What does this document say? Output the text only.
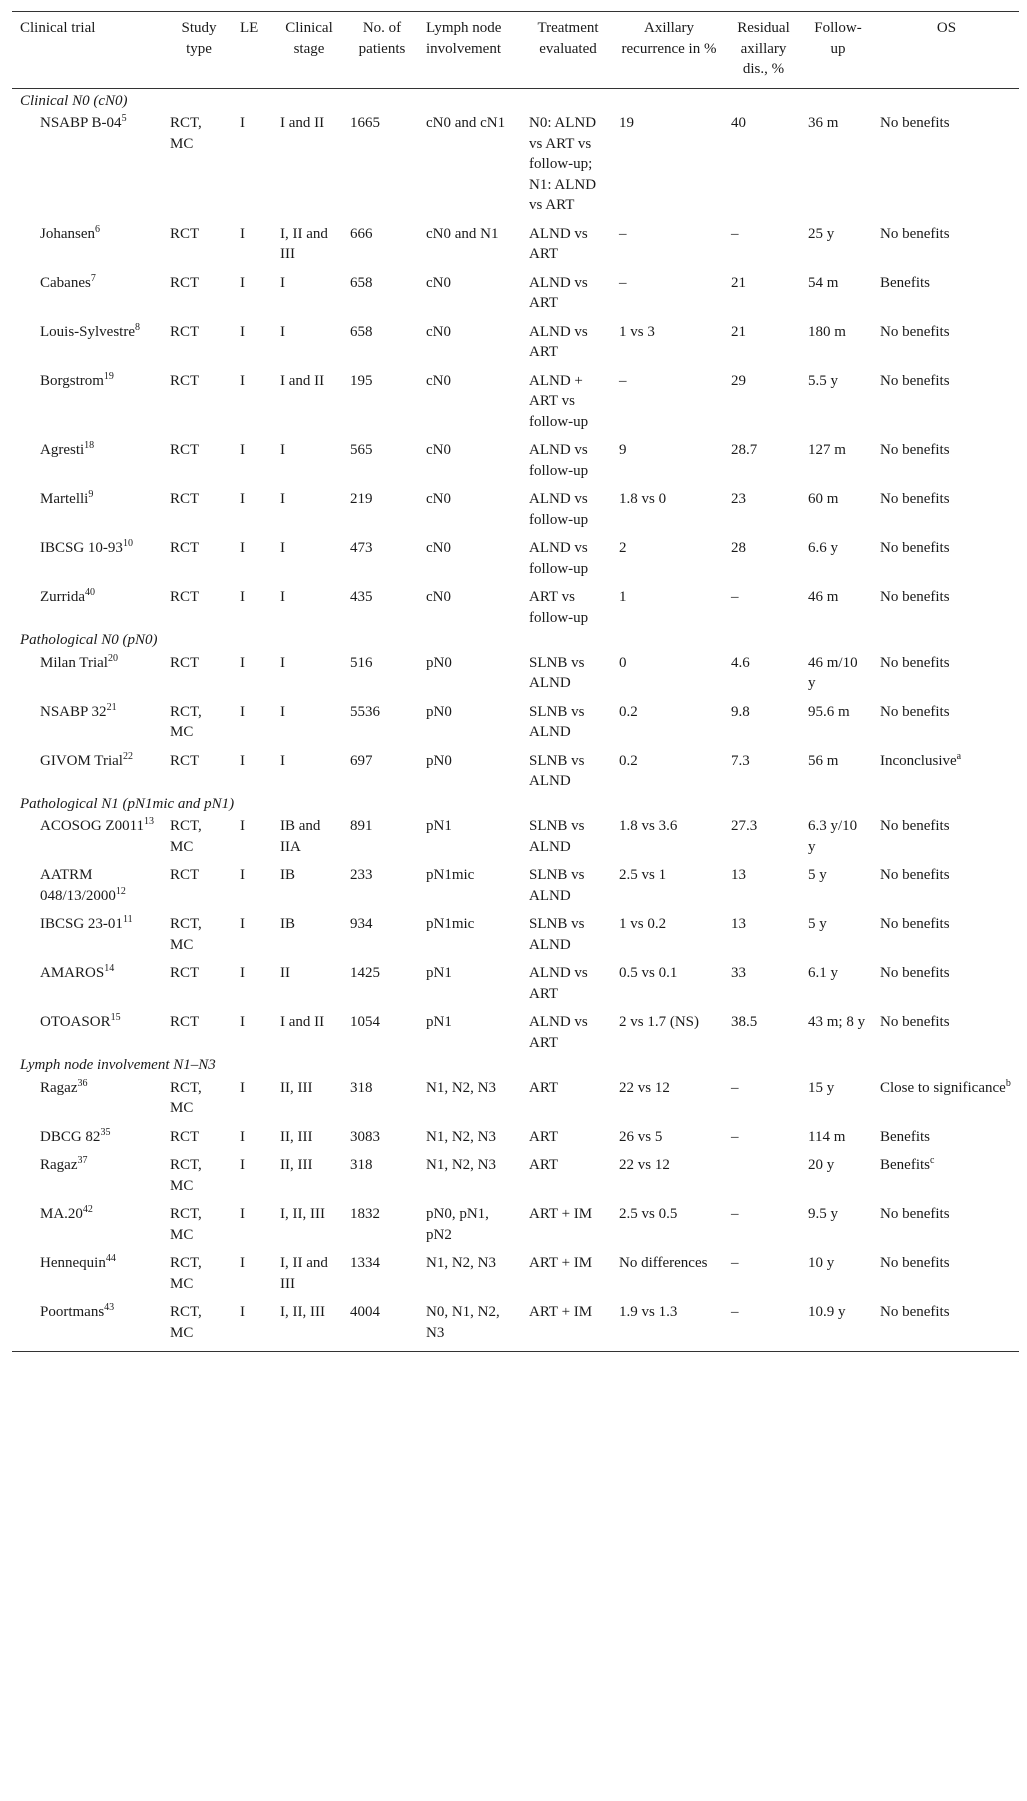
Clinical trial	Study type	LE	Clinical stage	No. of patients	Lymph node involvement	Treatment evaluated	Axillary recurrence in %	Residual axillary dis., %	Follow-up	OS
Clinical N0 (cN0)										
NSABP $B-04^5$	RCT, MC	I	I and II	1665	cN0 and cN1	N0: ALND vs ART vs follow-up; N1: ALND vs ART	19	40	36 m	No benefits
Johansen$^6$	RCT	I	I, II and III	666	cN0 and N1	ALND vs ART	–	–	25 y	No benefits
Cabanes$^7$	RCT	I	I	658	cN0	ALND vs ART	–	21	54 m	Benefits
Louis-Sylvestre$^8$	RCT	I	I	658	cN0	ALND vs ART	1 vs 3	21	180 m	No benefits
Borgstrom$^{19}$	RCT	I	I and II	195	cN0	ALND + ART vs follow-up	–	29	5.5 y	No benefits
Agresti$^{18}$	RCT	I	I	565	cN0	ALND vs follow-up	9	28.7	127 m	No benefits
Martelli$^9$	RCT	I	I	219	cN0	ALND vs follow-up	1.8 vs 0	23	60 m	No benefits
IBCSG $10-93^{10}$	RCT	I	I	473	cN0	ALND vs follow-up	2	28	6.6 y	No benefits
Zurrida$^{40}$	RCT	I	I	435	cN0	ART vs follow-up	1	–	46 m	No benefits
Pathological N0 (pN0)										
Milan Trial$^{20}$	RCT	I	I	516	pN0	SLNB vs ALND	0	4.6	46 m/10 y	No benefits
NSABP $32^{21}$	RCT, MC	I	I	5536	pN0	SLNB vs ALND	0.2	9.8	95.6 m	No benefits
GIVOM Trial$^{22}$	RCT	I	I	697	pN0	SLNB vs ALND	0.2	7.3	56 m	Inconclusive$^a$
Pathological N1 (pN1mic and pN1)										
ACOSOG Z0011$^{13}$	RCT, MC	I	IB and IIA	891	pN1	SLNB vs ALND	1.8 vs 3.6	27.3	6.3 y/10 y	No benefits
AATRM 048/13/2000$^{12}$	RCT	I	IB	233	pN1mic	SLNB vs ALND	2.5 vs 1	13	5 y	No benefits
IBCSG $23-01^{11}$	RCT, MC	I	IB	934	pN1mic	SLNB vs ALND	1 vs 0.2	13	5 y	No benefits
AMAROS$^{14}$	RCT	I	II	1425	pN1	ALND vs ART	0.5 vs 0.1	33	6.1 y	No benefits
OTOASOR$^{15}$	RCT	I	I and II	1054	pN1	ALND vs ART	2 vs 1.7 (NS)	38.5	43 m; 8 y	No benefits
Lymph node involvement N1–N3										
Ragaz$^{36}$	RCT, MC	I	II, III	318	N1, N2, N3	ART	22 vs 12	–	15 y	Close to significance$^b$
DBCG $82^{35}$	RCT	I	II, III	3083	N1, N2, N3	ART	26 vs 5	–	114 m	Benefits
Ragaz$^{37}$	RCT, MC	I	II, III	318	N1, N2, N3	ART	22 vs 12		20 y	Benefits$^c$
$MA.20^{42}$	RCT, MC	I	I, II, III	1832	pN0, pN1, pN2	ART + IM	2.5 vs 0.5	–	9.5 y	No benefits
Hennequin$^{44}$	RCT, MC	I	I, II and III	1334	N1, N2, N3	ART + IM	No differences	–	10 y	No benefits
Poortmans$^{43}$	RCT, MC	I	I, II, III	4004	N0, N1, N2, N3	ART + IM	1.9 vs 1.3	–	10.9 y	No benefits
